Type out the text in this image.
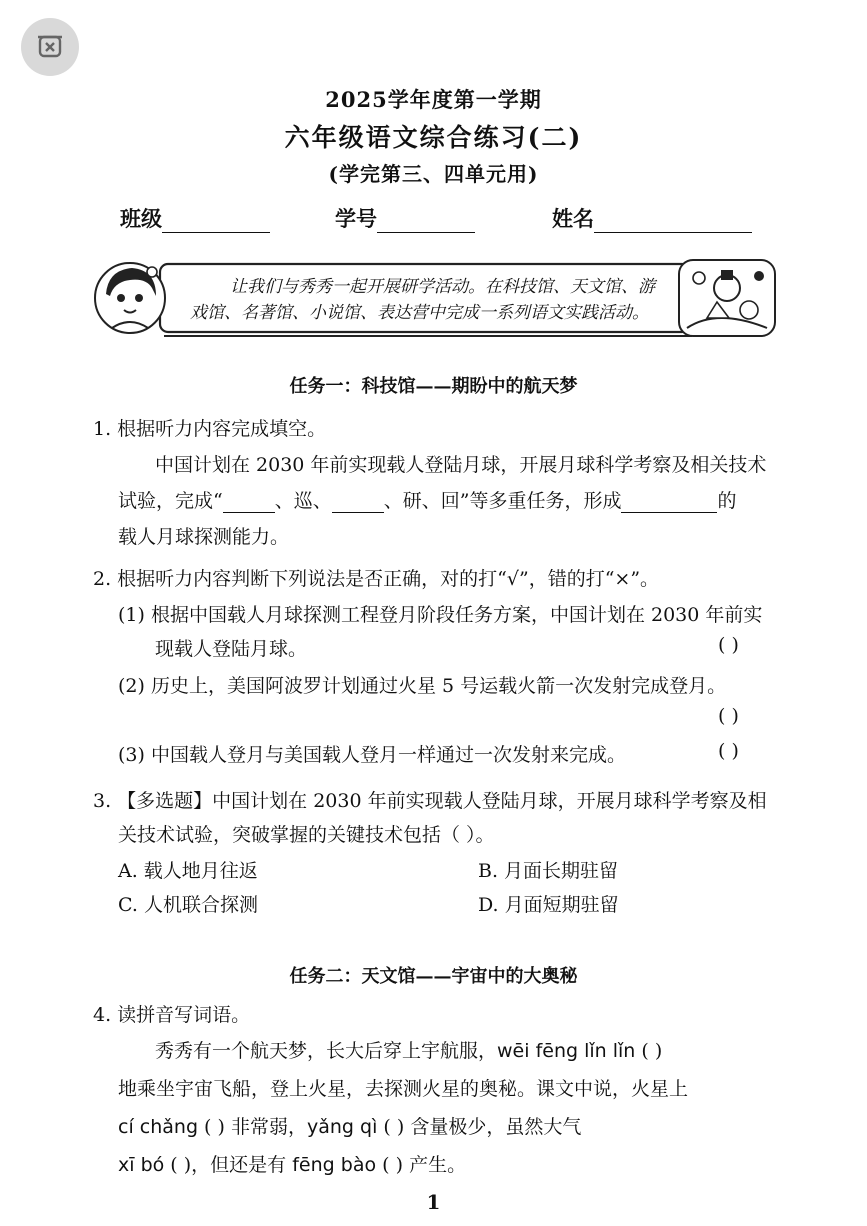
2025学年度第一学期
六年级语文综合练习(二)
(学完第三、四单元用)
班级	学号	姓名
让我们与秀秀一起开展研学活动。在科技馆、天文馆、游
戏馆、名著馆、小说馆、表达营中完成一系列语文实践活动。
任务一：科技馆——期盼中的航天梦
1. 根据听力内容完成填空。
中国计划在 2030 年前实现载人登陆月球，开展月球科学考察及相关技术
试验，完成“	、巡、	、研、回”等多重任务，形成	的
载人月球探测能力。
2. 根据听力内容判断下列说法是否正确，对的打“√”，错的打“×”。
(1) 根据中国载人月球探测工程登月阶段任务方案，中国计划在 2030 年前实
现载人登陆月球。	( )
(2) 历史上，美国阿波罗计划通过火星 5 号运载火箭一次发射完成登月。
( )
(3) 中国载人登月与美国载人登月一样通过一次发射来完成。	( )
3. 【多选题】中国计划在 2030 年前实现载人登陆月球，开展月球科学考察及相
关技术试验，突破掌握的关键技术包括（ ）。
A. 载人地月往返	B. 月面长期驻留
C. 人机联合探测	D. 月面短期驻留
任务二：天文馆——宇宙中的大奥秘
4. 读拼音写词语。
秀秀有一个航天梦，长大后穿上宇航服，wēi fēng lǐn lǐn ( )
地乘坐宇宙飞船，登上火星，去探测火星的奥秘。课文中说，火星上
cí chǎng ( ) 非常弱，yǎng qì ( ) 含量极少，虽然大气
xī bó ( )，但还是有 fēng bào ( ) 产生。
1
